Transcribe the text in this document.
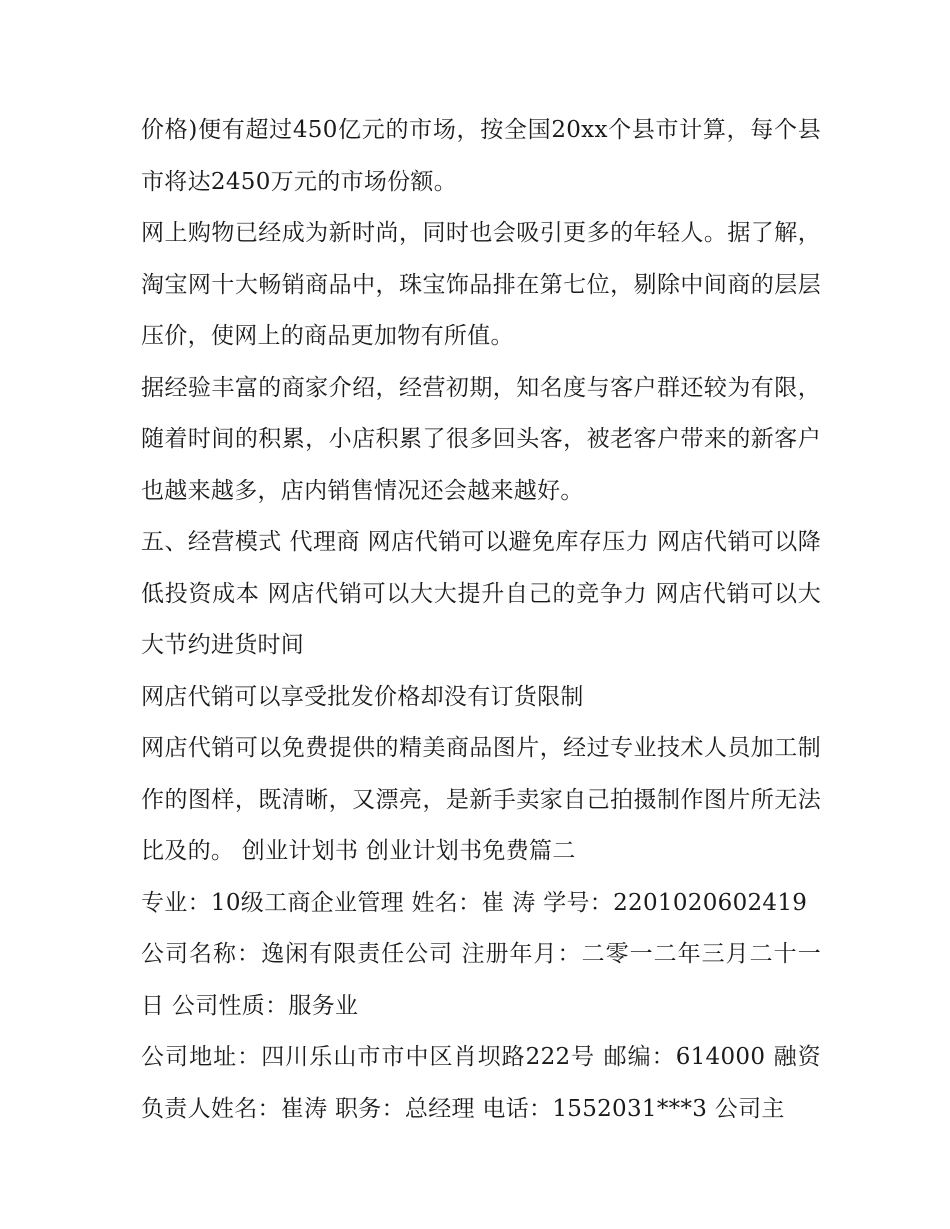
价格)便有超过450亿元的市场，按全国20xx个县市计算，每个县市将达2450万元的市场份额。

网上购物已经成为新时尚，同时也会吸引更多的年轻人。据了解，淘宝网十大畅销商品中，珠宝饰品排在第七位，剔除中间商的层层压价，使网上的商品更加物有所值。

据经验丰富的商家介绍，经营初期，知名度与客户群还较为有限，随着时间的积累，小店积累了很多回头客，被老客户带来的新客户也越来越多，店内销售情况还会越来越好。

五、经营模式 代理商 网店代销可以避免库存压力 网店代销可以降低投资成本 网店代销可以大大提升自己的竞争力 网店代销可以大大节约进货时间

网店代销可以享受批发价格却没有订货限制

网店代销可以免费提供的精美商品图片，经过专业技术人员加工制作的图样，既清晰，又漂亮，是新手卖家自己拍摄制作图片所无法比及的。 创业计划书 创业计划书免费篇二

专业：10级工商企业管理 姓名：崔 涛 学号：2201020602419

公司名称：逸闲有限责任公司 注册年月：二零一二年三月二十一日 公司性质：服务业

公司地址：四川乐山市市中区肖坝路222号 邮编：614000 融资负责人姓名：崔涛 职务：总经理 电话：1552031***3 公司主
